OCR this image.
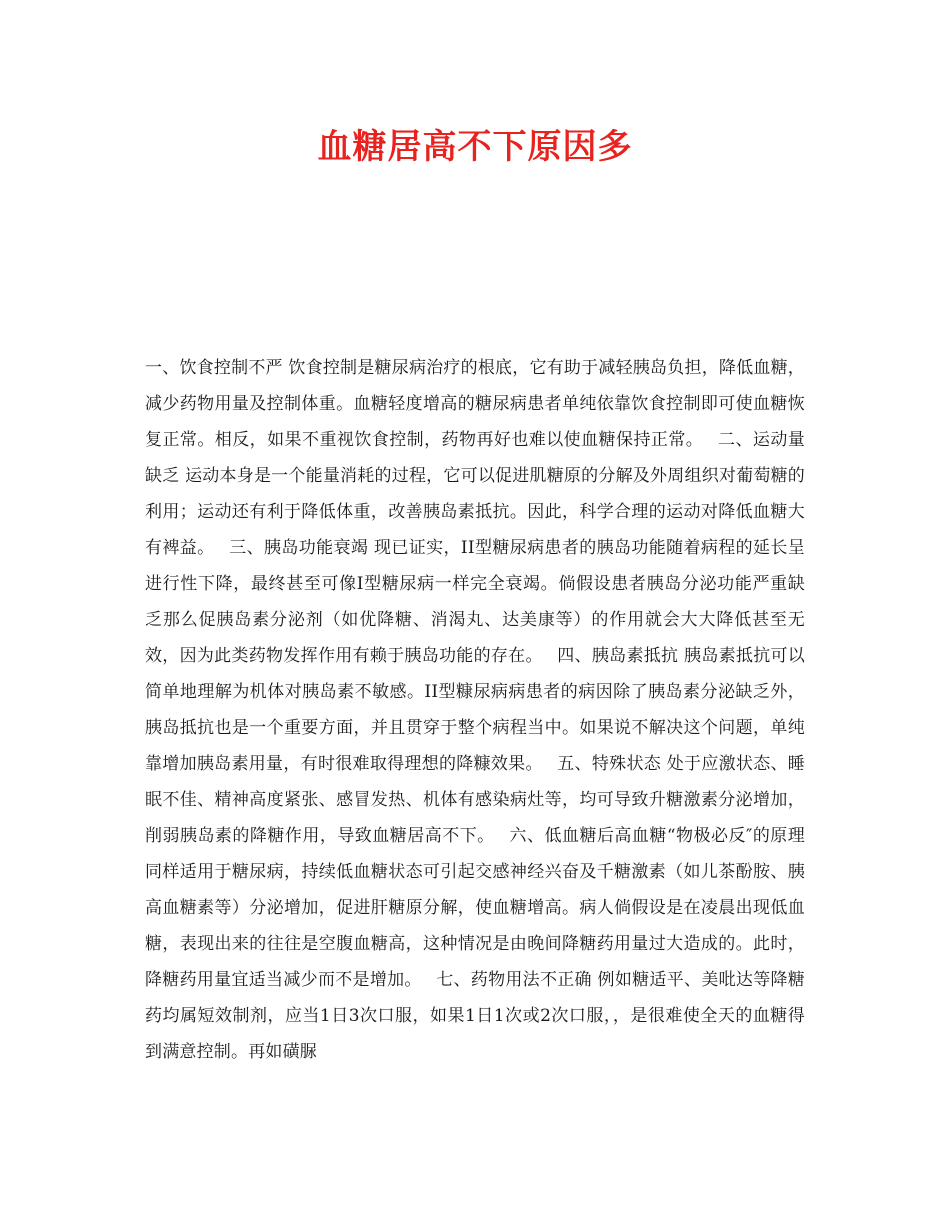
血糖居高不下原因多

一、饮食控制不严 饮食控制是糖尿病治疗的根底，它有助于减轻胰岛负担，降低血糖，减少药物用量及控制体重。血糖轻度增高的糖尿病患者单纯依靠饮食控制即可使血糖恢复正常。相反，如果不重视饮食控制，药物再好也难以使血糖保持正常。　 二、运动量缺乏 运动本身是一个能量消耗的过程，它可以促进肌糖原的分解及外周组织对葡萄糖的利用；运动还有利于降低体重，改善胰岛素抵抗。因此，科学合理的运动对降低血糖大有裨益。　 三、胰岛功能衰竭 现已证实，II型糖尿病患者的胰岛功能随着病程的延长呈进行性下降，最终甚至可像I型糖尿病一样完全衰竭。倘假设患者胰岛分泌功能严重缺乏那么促胰岛素分泌剂（如优降糖、消渴丸、达美康等）的作用就会大大降低甚至无效，因为此类药物发挥作用有赖于胰岛功能的存在。　 四、胰岛素抵抗 胰岛素抵抗可以简单地理解为机体对胰岛素不敏感。II型糠尿病病患者的病因除了胰岛素分泌缺乏外，胰岛抵抗也是一个重要方面，并且贯穿于整个病程当中。如果说不解决这个问题，单纯靠增加胰岛素用量，有时很难取得理想的降糠效果。　 五、特殊状态 处于应激状态、睡眠不佳、精神高度紧张、感冒发热、机体有感染病灶等，均可导致升糖激素分泌增加，削弱胰岛素的降糖作用，导致血糖居高不下。　 六、低血糖后高血糖“物极必反″的原理同样适用于糖尿病，持续低血糖状态可引起交感神经兴奋及千糖激素（如儿茶酚胺、胰高血糖素等）分泌增加，促进肝糖原分解，使血糖增高。病人倘假设是在凌晨出现低血糖，表现出来的往往是空腹血糖高，这种情况是由晚间降糖药用量过大造成的。此时，降糖药用量宜适当减少而不是增加。　 七、药物用法不正确 例如糖适平、美吡达等降糖药均属短效制剂，应当1日3次口服，如果1日1次或2次口服，，是很难使全天的血糖得到满意控制。再如磺脲
